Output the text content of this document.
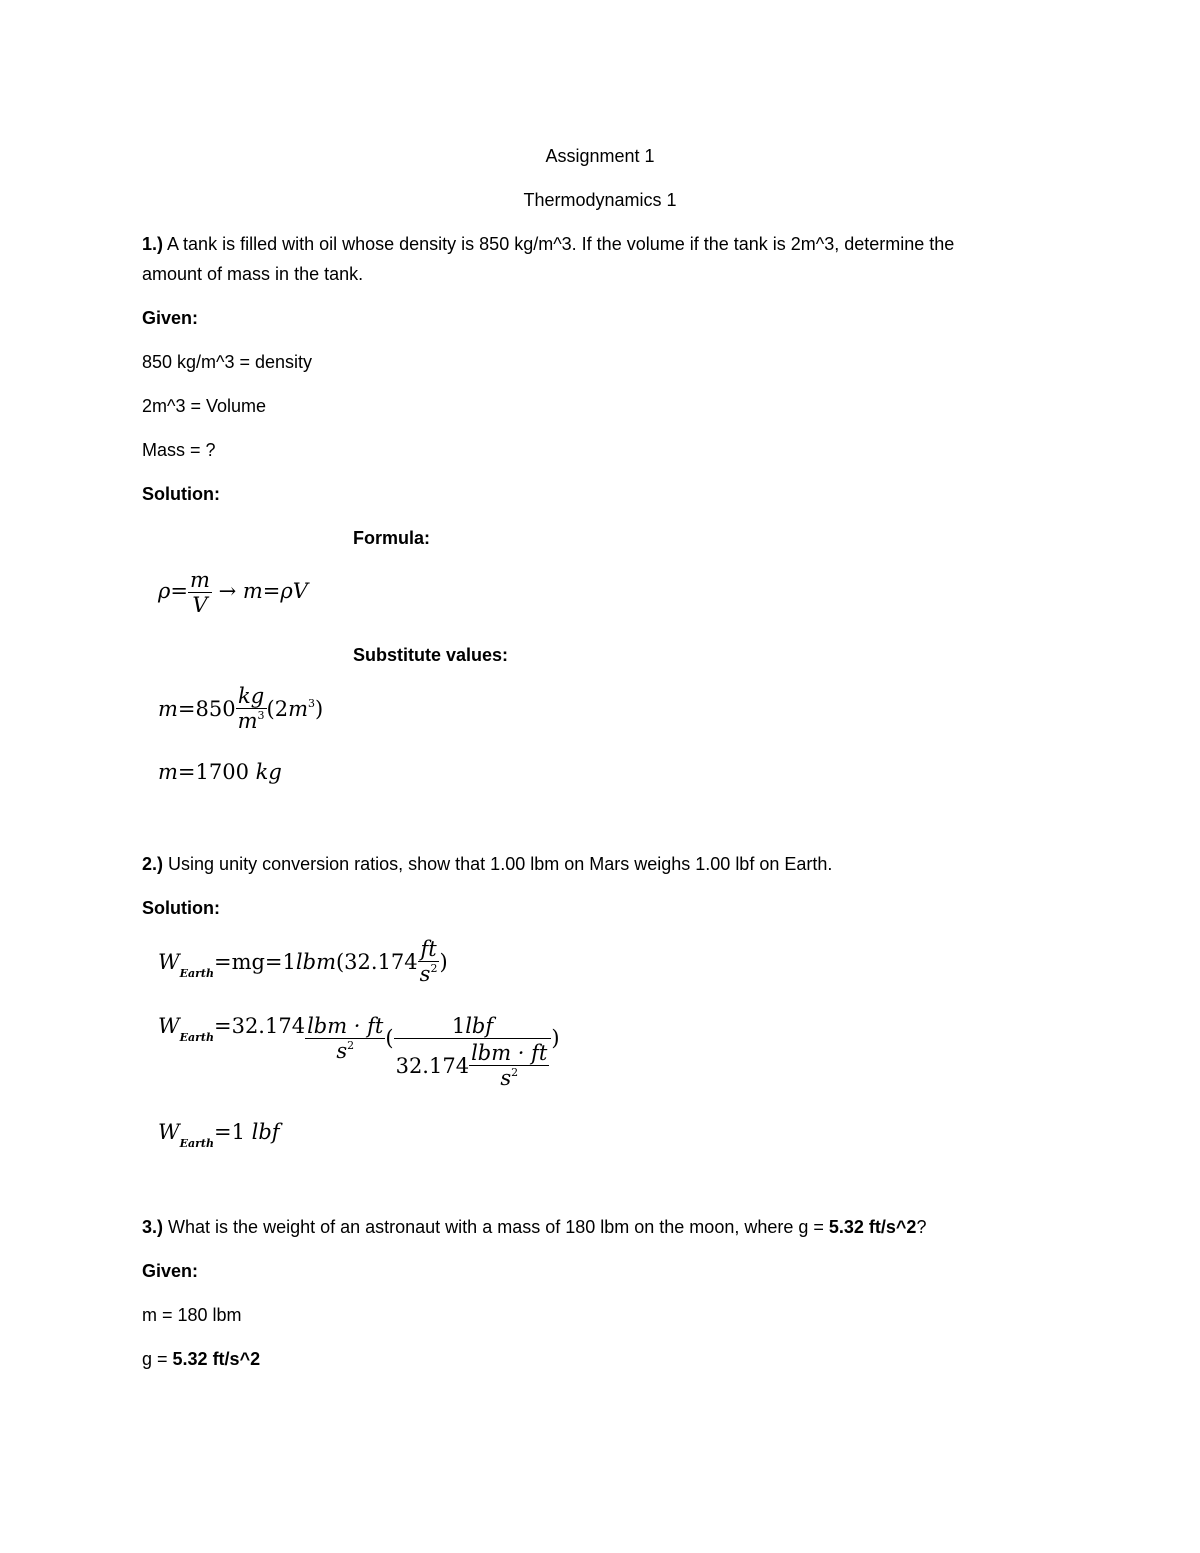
Assignment 1
Thermodynamics 1
1.) A tank is filled with oil whose density is 850 kg/m^3. If the volume if the tank is 2m^3, determine the
amount of mass in the tank.
Given:
850 kg/m^3 = density
2m^3 = Volume
Mass = ?
Solution:
Formula:
$\rho= \frac{m}{V} \to m=\rho V$
Substitute values:
$m=850 \frac{kg}{m^3} (2m^3)$
m=1700 kg
2.) Using unity conversion ratios, show that 1.00 lbm on Mars weighs 1.00 lbf on Earth.
Solution:
$W_{Earth}=mg=1lbm(32.174 \frac{ft}{s^2}$ )
$W_{Earth}=32.174 \frac{\text{lbm · ft}}{s^2}$ ( $\frac{\text{1lbf}}{32.174 \frac{\text{lbm · ft}}{s^2}}$ )
$W_{Earth}=1$ lbf
3.) What is the weight of an astronaut with a mass of 180 lbm on the moon, where g = 5.32 ft/s^2?
Given:
m = 180 lbm
g = 5.32 ft/s^2
